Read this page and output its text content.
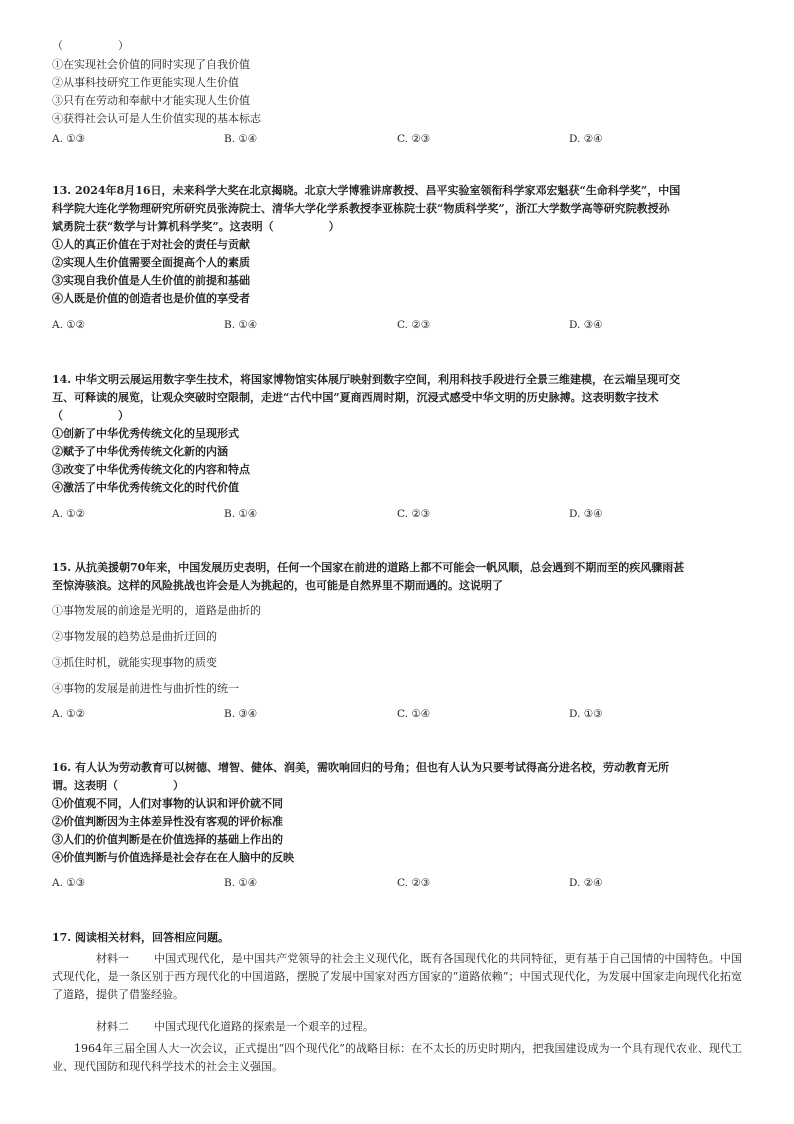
（　　　　　）
①在实现社会价值的同时实现了自我价值
②从事科技研究工作更能实现人生价值
③只有在劳动和奉献中才能实现人生价值
④获得社会认可是人生价值实现的基本标志
A. ①③	B. ①④	C. ②③	D. ②④
13. 2024年8月16日，未来科学大奖在北京揭晓。北京大学博雅讲席教授、昌平实验室领衔科学家邓宏魁获“生命科学奖”，中国
科学院大连化学物理研究所研究员张涛院士、清华大学化学系教授李亚栋院士获“物质科学奖”，浙江大学数学高等研究院教授孙
斌勇院士获“数学与计算机科学奖”。这表明（　　　　　）
①人的真正价值在于对社会的责任与贡献
②实现人生价值需要全面提高个人的素质
③实现自我价值是人生价值的前提和基础
④人既是价值的创造者也是价值的享受者
A. ①②	B. ①④	C. ②③	D. ③④
14. 中华文明云展运用数字孪生技术，将国家博物馆实体展厅映射到数字空间，利用科技手段进行全景三维建模，在云端呈现可交
互、可释读的展览，让观众突破时空限制，走进“古代中国”夏商西周时期，沉浸式感受中华文明的历史脉搏。这表明数字技术
（　　　　　）
①创新了中华优秀传统文化的呈现形式
②赋予了中华优秀传统文化新的内涵
③改变了中华优秀传统文化的内容和特点
④激活了中华优秀传统文化的时代价值
A. ①②	B. ①④	C. ②③	D. ③④
15. 从抗美援朝70年来，中国发展历史表明，任何一个国家在前进的道路上都不可能会一帆风顺，总会遇到不期而至的疾风骤雨甚
至惊涛骇浪。这样的风险挑战也许会是人为挑起的，也可能是自然界里不期而遇的。这说明了
①事物发展的前途是光明的，道路是曲折的
②事物发展的趋势总是曲折迂回的
③抓住时机，就能实现事物的质变
④事物的发展是前进性与曲折性的统一
A. ①②	B. ③④	C. ①④	D. ①③
16. 有人认为劳动教育可以树德、增智、健体、润美，需吹响回归的号角；但也有人认为只要考试得高分进名校，劳动教育无所
谓。这表明（　　　　　）
①价值观不同，人们对事物的认识和评价就不同
②价值判断因为主体差异性没有客观的评价标准
③人们的价值判断是在价值选择的基础上作出的
④价值判断与价值选择是社会存在在人脑中的反映
A. ①③	B. ①④	C. ②③	D. ②④
17. 阅读相关材料，回答相应问题。
材料一 中国式现代化，是中国共产党领导的社会主义现代化，既有各国现代化的共同特征，更有基于自己国情的中国特色。中国式现代化，是一条区别于西方现代化的中国道路，摆脱了发展中国家对西方国家的“道路依赖”；中国式现代化，为发展中国家走向现代化拓宽了道路，提供了借鉴经验。
材料二 中国式现代化道路的探索是一个艰辛的过程。
1964年三届全国人大一次会议，正式提出“四个现代化”的战略目标：在不太长的历史时期内，把我国建设成为一个具有现代农业、现代工业、现代国防和现代科学技术的社会主义强国。
